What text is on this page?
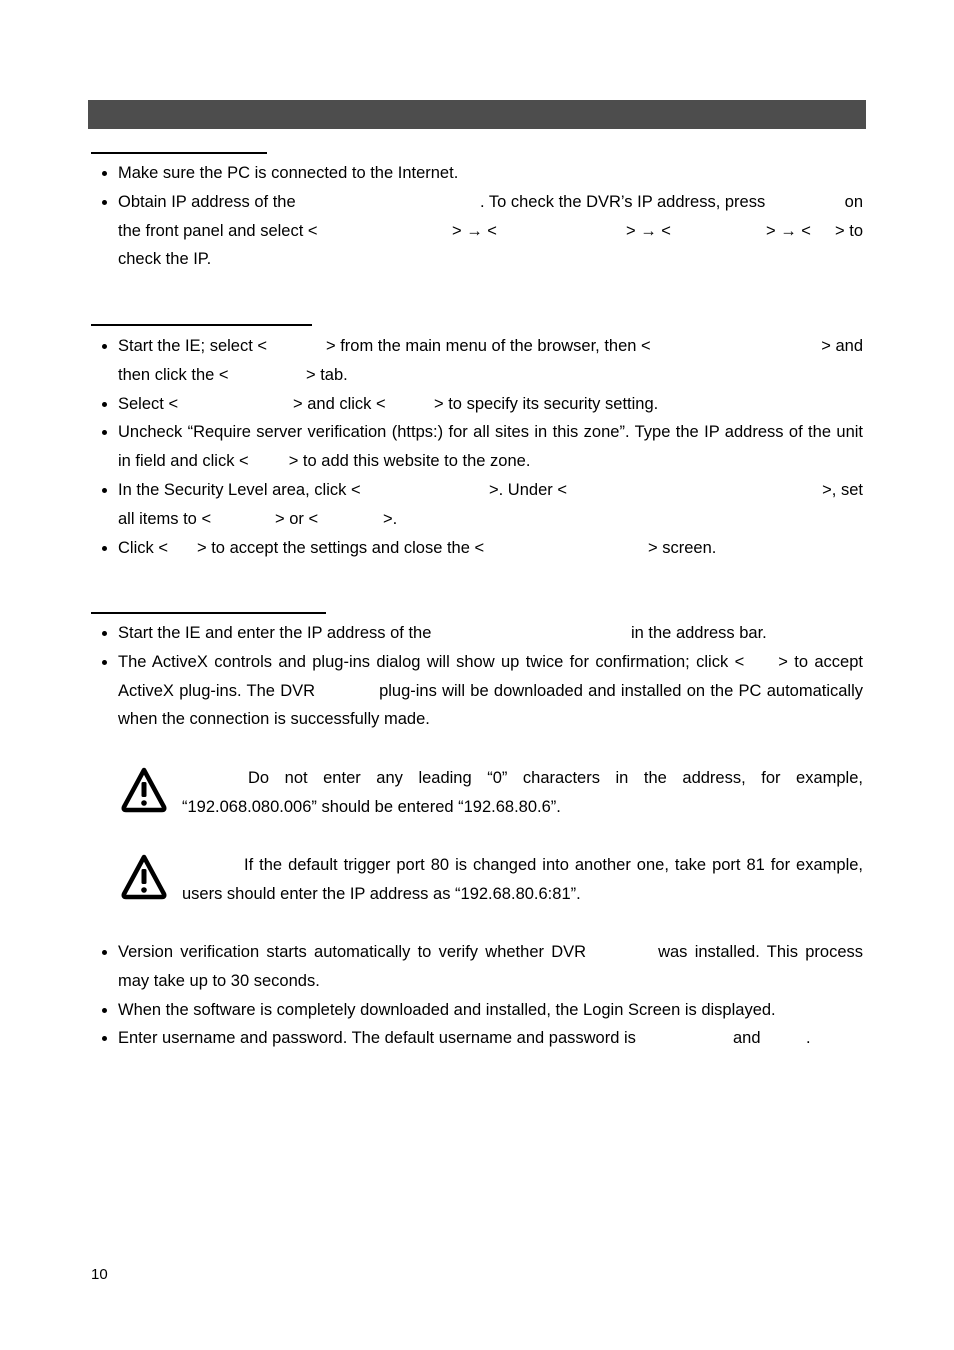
Make sure the PC is connected to the Internet.
Obtain IP address of the	. To check the DVR’s IP address, press	on
the front panel and select <	> → <	> → <	> → < > to
check the IP.
Start the IE; select <	> from the main menu of the browser, then <	> and
then click the <	> tab.
Select <	> and click <	> to specify its security setting.
Uncheck “Require server verification (https:) for all sites in this zone”. Type the IP address of the unit in field and click < > to add this website to the zone.
In the Security Level area, click <	>. Under <	>, set
all items to <	> or <	>.
Click < > to accept the settings and close the <	> screen.
Start the IE and enter the IP address of the	in the address bar.
The ActiveX controls and plug-ins dialog will show up twice for confirmation; click < > to accept ActiveX plug-ins. The DVR	plug-ins will be downloaded and installed on the PC automatically when the connection is successfully made.
Do not enter any leading “0” characters in the address, for example, “192.068.080.006” should be entered “192.68.80.6”.
If the default trigger port 80 is changed into another one, take port 81 for example, users should enter the IP address as “192.68.80.6:81”.
Version verification starts automatically to verify whether DVR	was installed. This process may take up to 30 seconds.
When the software is completely downloaded and installed, the Login Screen is displayed.
Enter username and password. The default username and password is	and	.
10
